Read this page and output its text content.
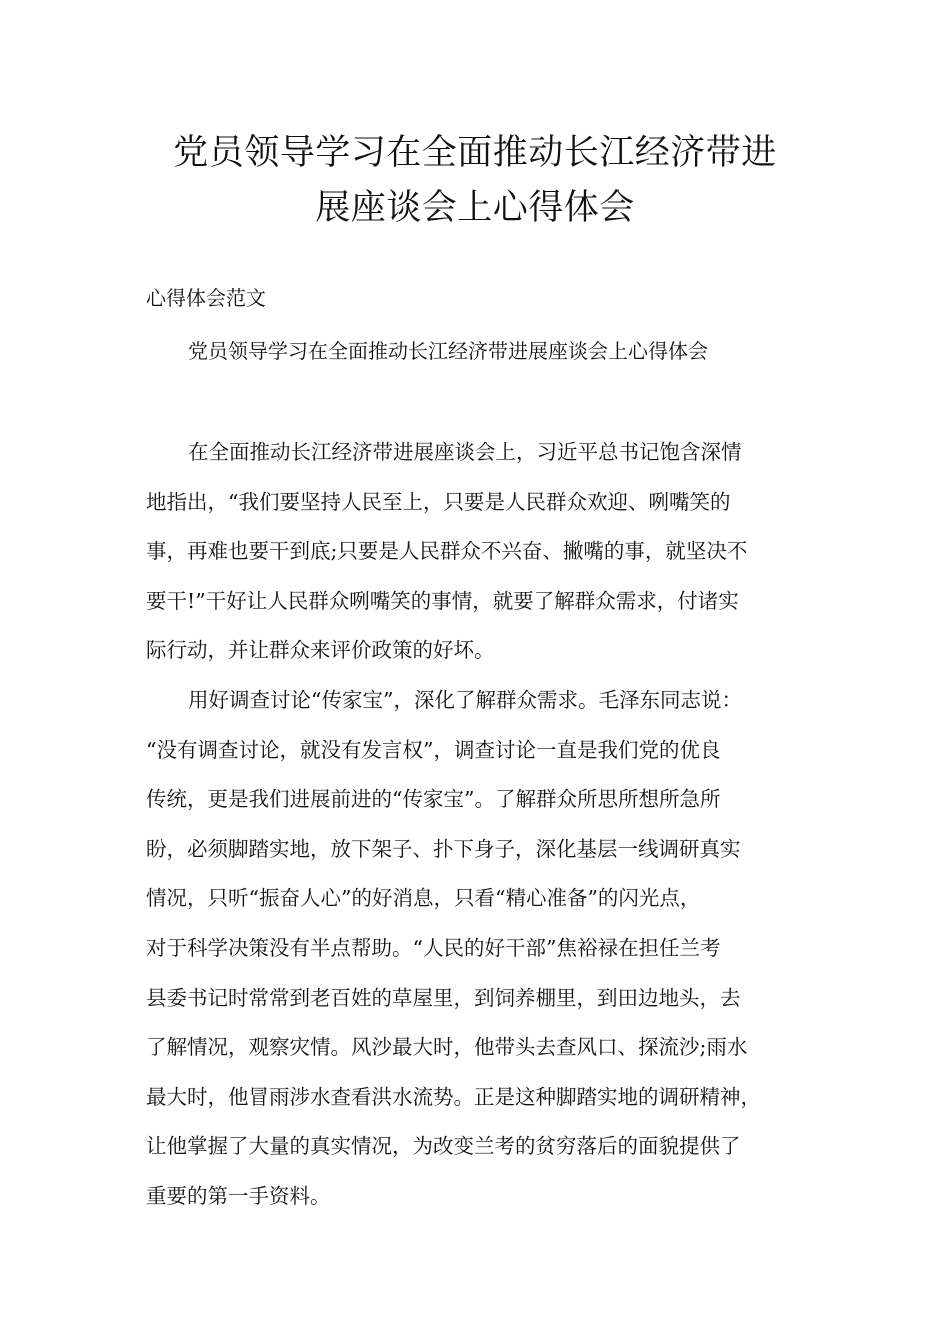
党员领导学习在全面推动长江经济带进
展座谈会上心得体会
心得体会范文
党员领导学习在全面推动长江经济带进展座谈会上心得体会
在全面推动长江经济带进展座谈会上，习近平总书记饱含深情
地指出，“我们要坚持人民至上，只要是人民群众欢迎、咧嘴笑的
事，再难也要干到底;只要是人民群众不兴奋、撇嘴的事，就坚决不
要干!”干好让人民群众咧嘴笑的事情，就要了解群众需求，付诸实
际行动，并让群众来评价政策的好坏。
用好调查讨论“传家宝”，深化了解群众需求。毛泽东同志说：
“没有调查讨论，就没有发言权”，调查讨论一直是我们党的优良
传统，更是我们进展前进的“传家宝”。了解群众所思所想所急所
盼，必须脚踏实地，放下架子、扑下身子，深化基层一线调研真实
情况，只听“振奋人心”的好消息，只看“精心准备”的闪光点，
对于科学决策没有半点帮助。“人民的好干部”焦裕禄在担任兰考
县委书记时常常到老百姓的草屋里，到饲养棚里，到田边地头，去
了解情况，观察灾情。风沙最大时，他带头去查风口、探流沙;雨水
最大时，他冒雨涉水查看洪水流势。正是这种脚踏实地的调研精神，
让他掌握了大量的真实情况，为改变兰考的贫穷落后的面貌提供了
重要的第一手资料。
